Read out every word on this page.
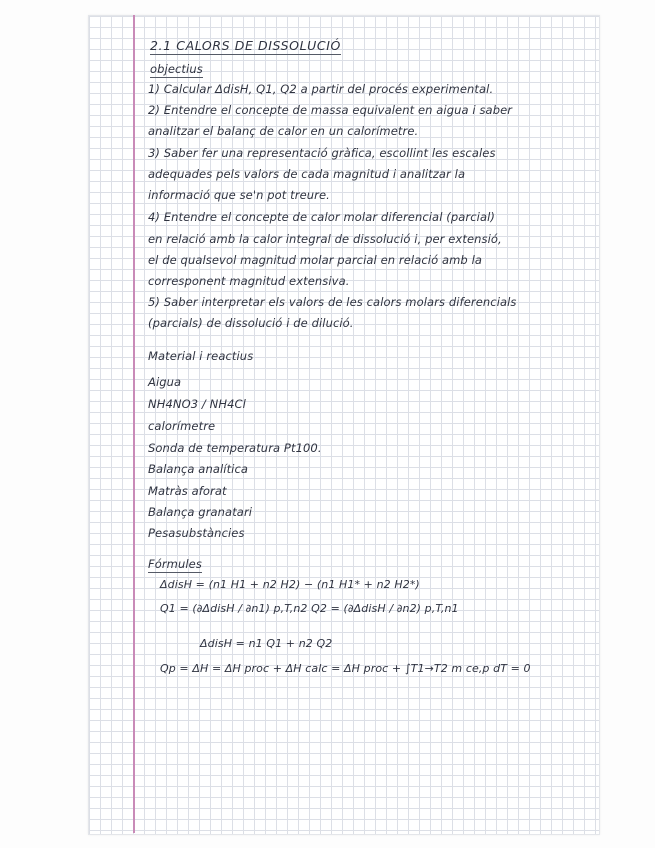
2.1 CALORS DE DISSOLUCIÓ

objectius

1) Calcular ΔdisH, Q1, Q2 a partir del procés experimental.

2) Entendre el concepte de massa equivalent en aigua i saber

analitzar el balanç de calor en un calorímetre.

3) Saber fer una representació gràfica, escollint les escales

adequades pels valors de cada magnitud i analitzar la

informació que se'n pot treure.

4) Entendre el concepte de calor molar diferencial (parcial)

en relació amb la calor integral de dissolució i, per extensió,

el de qualsevol magnitud molar parcial en relació amb la

corresponent magnitud extensiva.

5) Saber interpretar els valors de les calors molars diferencials

(parcials) de dissolució i de dilució.

Material i reactius

Aigua

NH4NO3 / NH4Cl

calorímetre

Sonda de temperatura Pt100.

Balança analítica

Matràs aforat

Balança granatari

Pesasubstàncies

Fórmules

ΔdisH = (n1 H1 + n2 H2) − (n1 H1* + n2 H2*)

Q1 = (∂ΔdisH / ∂n1) p,T,n2 Q2 = (∂ΔdisH / ∂n2) p,T,n1

ΔdisH = n1 Q1 + n2 Q2

Qp = ΔH = ΔH proc + ΔH calc = ΔH proc + ∫T1→T2 m ce,p dT = 0
